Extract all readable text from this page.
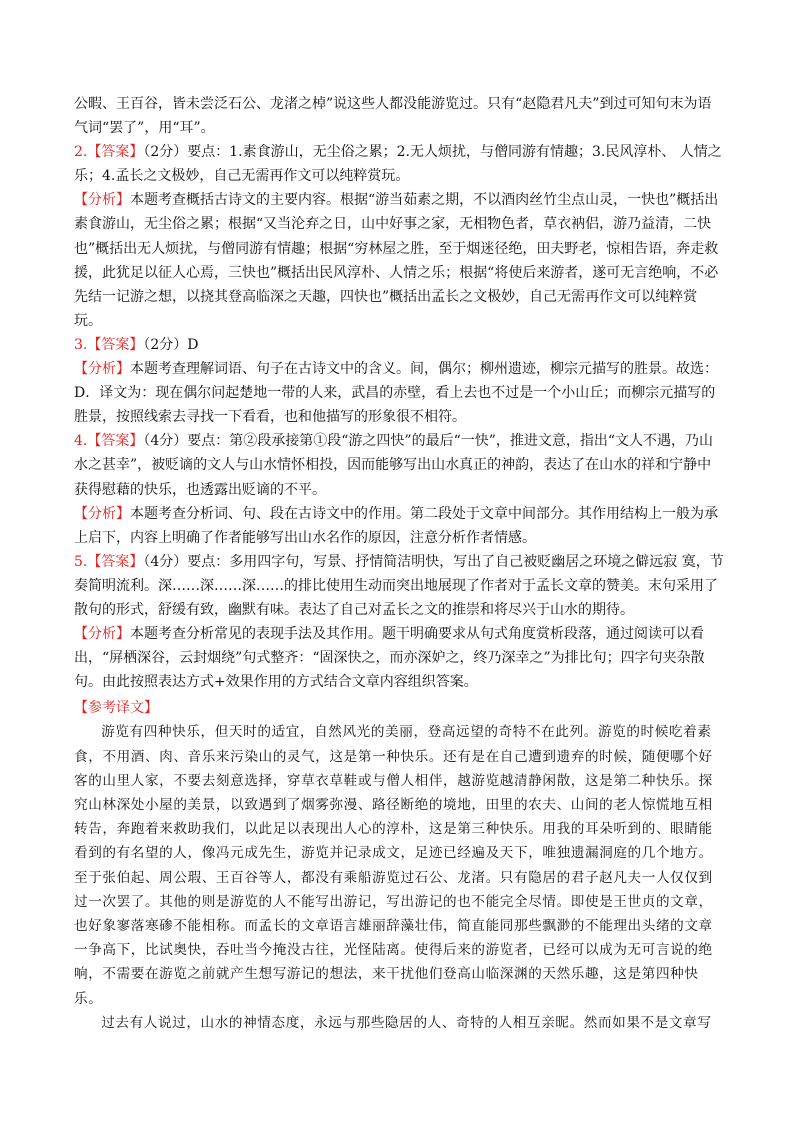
公暇、王百谷，皆未尝泛石公、龙渚之棹”说这些人都没能游览过。只有“赵隐君凡夫”到过可知句末为语气词“罢了”，用“耳”。

2.【答案】（2分）要点：1.素食游山，无尘俗之累；2.无人烦扰，与僧同游有情趣；3.民风淳朴、 人情之乐；4.孟长之文极妙，自己无需再作文可以纯粹赏玩。

【分析】本题考查概括古诗文的主要内容。根据“游当茹素之期，不以酒肉丝竹尘点山灵，一快也”概括出素食游山，无尘俗之累；根据“又当沦弃之日，山中好事之家，无相物色者，草衣衲侣，游乃益清，二快也”概括出无人烦扰，与僧同游有情趣；根据“穷林屋之胜，至于烟迷径绝，田夫野老，惊相告语，奔走救援，此犹足以征人心焉，三快也”概括出民风淳朴、人情之乐；根据“将使后来游者，遂可无言绝响，不必先结一记游之想，以挠其登高临深之天趣，四快也”概括出孟长之文极妙，自己无需再作文可以纯粹赏玩。

3.【答案】（2分）D

【分析】本题考查理解词语、句子在古诗文中的含义。间，偶尔；柳州遗迹，柳宗元描写的胜景。故选：D．译文为：现在偶尔问起楚地一带的人来，武昌的赤壁，看上去也不过是一个小山丘；而柳宗元描写的胜景，按照线索去寻找一下看看，也和他描写的形象很不相符。

4.【答案】（4分）要点：第②段承接第①段“游之四快”的最后“一快”，推进文意，指出“文人不遇，乃山水之甚幸”，被贬谪的文人与山水情怀相投，因而能够写出山水真正的神韵，表达了在山水的祥和宁静中获得慰藉的快乐，也透露出贬谪的不平。

【分析】本题考查分析词、句、段在古诗文中的作用。第二段处于文章中间部分。其作用结构上一般为承上启下，内容上明确了作者能够写出山水名作的原因，注意分析作者情感。

5.【答案】（4分）要点：多用四字句，写景、抒情简洁明快，写出了自己被贬幽居之环境之僻远寂 寞，节奏简明流利。深……深……深……的排比使用生动而突出地展现了作者对于孟长文章的赞美。末句采用了散句的形式，舒缓有致，幽默有味。表达了自己对孟长之文的推崇和将尽兴于山水的期待。

【分析】本题考查分析常见的表现手法及其作用。题干明确要求从句式角度赏析段落，通过阅读可以看出，“屏栖深谷，云封烟绕”句式整齐：“固深快之，而亦深妒之，终乃深幸之”为排比句；四字句夹杂散句。由此按照表达方式+效果作用的方式结合文章内容组织答案。

【参考译文】

游览有四种快乐，但天时的适宜，自然风光的美丽，登高远望的奇特不在此列。游览的时候吃着素食，不用酒、肉、音乐来污染山的灵气，这是第一种快乐。还有是在自己遭到遗弃的时候，随便哪个好客的山里人家，不要去刻意选择，穿草衣草鞋或与僧人相伴，越游览越清静闲散，这是第二种快乐。探究山林深处小屋的美景，以致遇到了烟雾弥漫、路径断绝的境地，田里的农夫、山间的老人惊慌地互相转告，奔跑着来救助我们，以此足以表现出人心的淳朴，这是第三种快乐。用我的耳朵听到的、眼睛能看到的有名望的人，像冯元成先生，游览并记录成文，足迹已经遍及天下，唯独遗漏洞庭的几个地方。至于张伯起、周公瑕、王百谷等人，都没有乘船游览过石公、龙渚。只有隐居的君子赵凡夫一人仅仅到过一次罢了。其他的则是游览的人不能写出游记，写出游记的也不能完全尽情。即使是王世贞的文章，也好象寥落寒碜不能相称。而孟长的文章语言雄丽辞藻壮伟，简直能同那些飘渺的不能理出头绪的文章一争高下，比试奥快，吞吐当今掩没古往，光怪陆离。使得后来的游览者，已经可以成为无可言说的绝响，不需要在游览之前就产生想写游记的想法，来干扰他们登高山临深渊的天然乐趣，这是第四种快乐。

过去有人说过，山水的神情态度，永远与那些隐居的人、奇特的人相互亲昵。然而如果不是文章写
